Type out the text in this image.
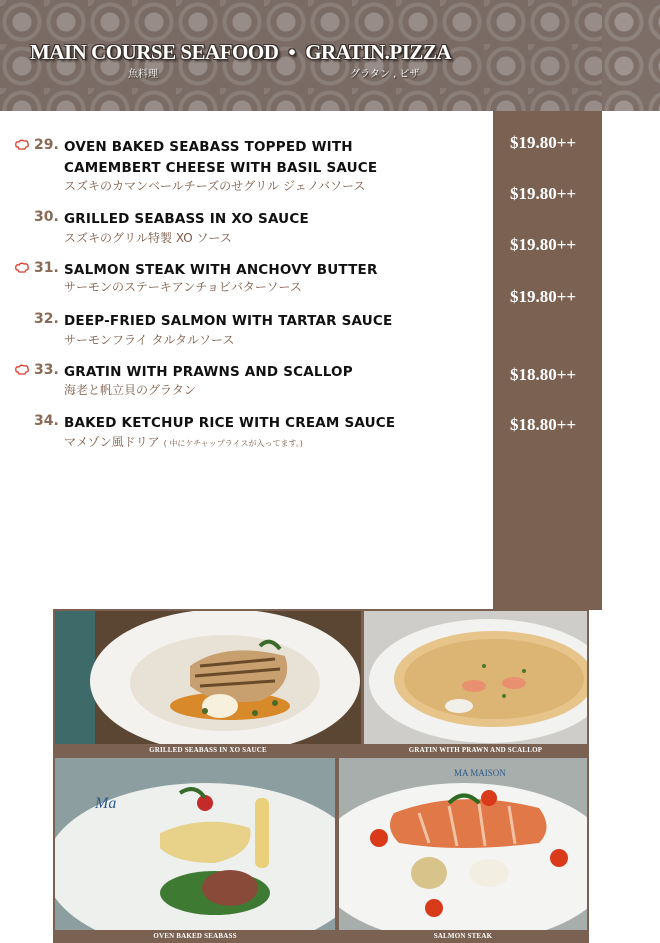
MAIN COURSE SEAFOOD • GRATIN.PIZZA
魚料理	グラタン , ピザ
$19.80++
$19.80++
$19.80++
$19.80++
$18.80++
$18.80++
29. OVEN BAKED SEABASS TOPPED WITH
CAMEMBERT CHEESE WITH BASIL SAUCE

スズキのカマンベールチーズのせグリル ジェノバソース

30. GRILLED SEABASS IN XO SAUCE

スズキのグリル特製 XO ソース

31. SALMON STEAK WITH ANCHOVY BUTTER

サーモンのステーキアンチョビバターソース

32. DEEP-FRIED SALMON WITH TARTAR SAUCE

サーモンフライ タルタルソース

33. GRATIN WITH PRAWNS AND SCALLOP

海老と帆立貝のグラタン

34. BAKED KETCHUP RICE WITH CREAM SAUCE

マメゾン風ドリア ( 中にケチャップライスが入ってます。)

GRILLED SEABASS IN XO SAUCE	GRATIN WITH PRAWN AND SCALLOP
Ma
OVEN BAKED SEABASS
MA MAISON
SALMON STEAK
